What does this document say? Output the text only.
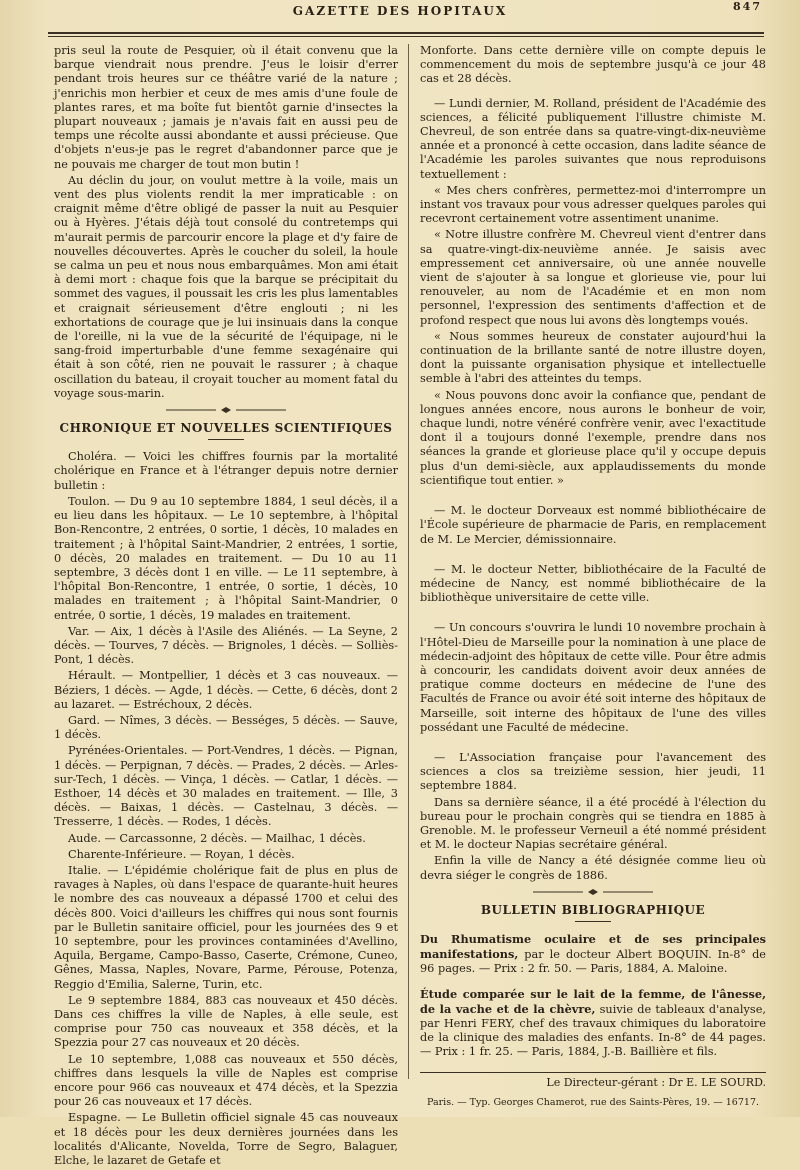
GAZETTE DES HOPITAUX	847

pris seul la route de Pesquier, où il était convenu que la barque viendrait nous prendre. J'eus le loisir d'errer pendant trois heures sur ce théâtre varié de la nature ; j'enrichis mon herbier et ceux de mes amis d'une foule de plantes rares, et ma boîte fut bientôt garnie d'insectes la plupart nouveaux ; jamais je n'avais fait en aussi peu de temps une récolte aussi abondante et aussi précieuse. Que d'objets n'eus-je pas le regret d'abandonner parce que je ne pouvais me charger de tout mon butin !

Au déclin du jour, on voulut mettre à la voile, mais un vent des plus violents rendit la mer impraticable : on craignit même d'être obligé de passer la nuit au Pesquier ou à Hyères. J'étais déjà tout consolé du contretemps qui m'aurait permis de parcourir encore la plage et d'y faire de nouvelles découvertes. Après le coucher du soleil, la houle se calma un peu et nous nous embarquâmes. Mon ami était à demi mort : chaque fois que la barque se précipitait du sommet des vagues, il poussait les cris les plus lamentables et craignait sérieusement d'être englouti ; ni les exhortations de courage que je lui insinuais dans la conque de l'oreille, ni la vue de la sécurité de l'équipage, ni le sang-froid imperturbable d'une femme sexagénaire qui était à son côté, rien ne pouvait le rassurer ; à chaque oscillation du bateau, il croyait toucher au moment fatal du voyage sous-marin.

CHRONIQUE ET NOUVELLES SCIENTIFIQUES

Choléra. — Voici les chiffres fournis par la mortalité cholérique en France et à l'étranger depuis notre dernier bulletin :

Toulon. — Du 9 au 10 septembre 1884, 1 seul décès, il a eu lieu dans les hôpitaux. — Le 10 septembre, à l'hôpital Bon-Rencontre, 2 entrées, 0 sortie, 1 décès, 10 malades en traitement ; à l'hôpital Saint-Mandrier, 2 entrées, 1 sortie, 0 décès, 20 malades en traitement. — Du 10 au 11 septembre, 3 décès dont 1 en ville. — Le 11 septembre, à l'hôpital Bon-Rencontre, 1 entrée, 0 sortie, 1 décès, 10 malades en traitement ; à l'hôpital Saint-Mandrier, 0 entrée, 0 sortie, 1 décès, 19 malades en traitement.

Var. — Aix, 1 décès à l'Asile des Aliénés. — La Seyne, 2 décès. — Tourves, 7 décès. — Brignoles, 1 décès. — Solliès-Pont, 1 décès.

Hérault. — Montpellier, 1 décès et 3 cas nouveaux. — Béziers, 1 décès. — Agde, 1 décès. — Cette, 6 décès, dont 2 au lazaret. — Estréchoux, 2 décès.

Gard. — Nîmes, 3 décès. — Bességes, 5 décès. — Sauve, 1 décès.

Pyrénées-Orientales. — Port-Vendres, 1 décès. — Pignan, 1 décès. — Perpignan, 7 décès. — Prades, 2 décès. — Arles-sur-Tech, 1 décès. — Vinça, 1 décès. — Catlar, 1 décès. — Esthoer, 14 décès et 30 malades en traitement. — Ille, 3 décès. — Baixas, 1 décès. — Castelnau, 3 décès. — Tresserre, 1 décès. — Rodes, 1 décès.

Aude. — Carcassonne, 2 décès. — Mailhac, 1 décès.

Charente-Inférieure. — Royan, 1 décès.

Italie. — L'épidémie cholérique fait de plus en plus de ravages à Naples, où dans l'espace de quarante-huit heures le nombre des cas nouveaux a dépassé 1700 et celui des décès 800. Voici d'ailleurs les chiffres qui nous sont fournis par le Bulletin sanitaire officiel, pour les journées des 9 et 10 septembre, pour les provinces contaminées d'Avellino, Aquila, Bergame, Campo-Basso, Caserte, Crémone, Cuneo, Gênes, Massa, Naples, Novare, Parme, Pérouse, Potenza, Reggio d'Emilia, Salerne, Turin, etc.

Le 9 septembre 1884, 883 cas nouveaux et 450 décès. Dans ces chiffres la ville de Naples, à elle seule, est comprise pour 750 cas nouveaux et 358 décès, et la Spezzia pour 27 cas nouveaux et 20 décès.

Le 10 septembre, 1,088 cas nouveaux et 550 décès, chiffres dans lesquels la ville de Naples est comprise encore pour 966 cas nouveaux et 474 décès, et la Spezzia pour 26 cas nouveaux et 17 décès.

Espagne. — Le Bulletin officiel signale 45 cas nouveaux et 18 décès pour les deux dernières journées dans les localités d'Alicante, Novelda, Torre de Segro, Balaguer, Elche, le lazaret de Getafe et

Monforte. Dans cette dernière ville on compte depuis le commencement du mois de septembre jusqu'à ce jour 48 cas et 28 décès.

— Lundi dernier, M. Rolland, président de l'Académie des sciences, a félicité publiquement l'illustre chimiste M. Chevreul, de son entrée dans sa quatre-vingt-dix-neuvième année et a prononcé à cette occasion, dans ladite séance de l'Académie les paroles suivantes que nous reproduisons textuellement :

« Mes chers confrères, permettez-moi d'interrompre un instant vos travaux pour vous adresser quelques paroles qui recevront certainement votre assentiment unanime.

« Notre illustre confrère M. Chevreul vient d'entrer dans sa quatre-vingt-dix-neuvième année. Je saisis avec empressement cet anniversaire, où une année nouvelle vient de s'ajouter à sa longue et glorieuse vie, pour lui renouveler, au nom de l'Académie et en mon nom personnel, l'expression des sentiments d'affection et de profond respect que nous lui avons dès longtemps voués.

« Nous sommes heureux de constater aujourd'hui la continuation de la brillante santé de notre illustre doyen, dont la puissante organisation physique et intellectuelle semble à l'abri des atteintes du temps.

« Nous pouvons donc avoir la confiance que, pendant de longues années encore, nous aurons le bonheur de voir, chaque lundi, notre vénéré confrère venir, avec l'exactitude dont il a toujours donné l'exemple, prendre dans nos séances la grande et glorieuse place qu'il y occupe depuis plus d'un demi-siècle, aux applaudissements du monde scientifique tout entier. »

— M. le docteur Dorveaux est nommé bibliothécaire de l'École supérieure de pharmacie de Paris, en remplacement de M. Le Mercier, démissionnaire.

— M. le docteur Netter, bibliothécaire de la Faculté de médecine de Nancy, est nommé bibliothécaire de la bibliothèque universitaire de cette ville.

— Un concours s'ouvrira le lundi 10 novembre prochain à l'Hôtel-Dieu de Marseille pour la nomination à une place de médecin-adjoint des hôpitaux de cette ville. Pour être admis à concourir, les candidats doivent avoir deux années de pratique comme docteurs en médecine de l'une des Facultés de France ou avoir été soit interne des hôpitaux de Marseille, soit interne des hôpitaux de l'une des villes possédant une Faculté de médecine.

— L'Association française pour l'avancement des sciences a clos sa treizième session, hier jeudi, 11 septembre 1884.

Dans sa dernière séance, il a été procédé à l'élection du bureau pour le prochain congrès qui se tiendra en 1885 à Grenoble. M. le professeur Verneuil a été nommé président et M. le docteur Napias secrétaire général.

Enfin la ville de Nancy a été désignée comme lieu où devra siéger le congrès de 1886.

BULLETIN BIBLIOGRAPHIQUE

Du Rhumatisme oculaire et de ses principales manifestations, par le docteur Albert BOQUIN. In-8° de 96 pages. — Prix : 2 fr. 50. — Paris, 1884, A. Maloine.

Étude comparée sur le lait de la femme, de l'ânesse, de la vache et de la chèvre, suivie de tableaux d'analyse, par Henri FERY, chef des travaux chimiques du laboratoire de la clinique des maladies des enfants. In-8° de 44 pages. — Prix : 1 fr. 25. — Paris, 1884, J.-B. Baillière et fils.

Le Directeur-gérant : Dr E. LE SOURD.
Paris. — Typ. Georges Chamerot, rue des Saints-Pères, 19. — 16717.
